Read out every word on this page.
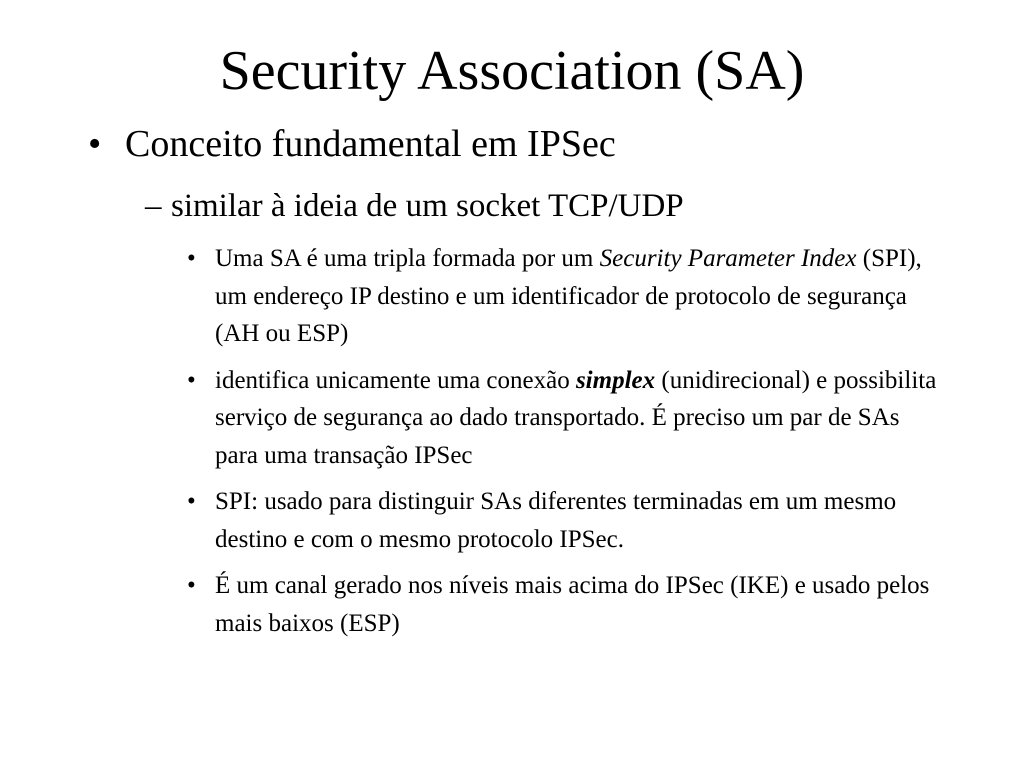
Security Association (SA)
• Conceito fundamental em IPSec
– similar à ideia de um socket TCP/UDP
• Uma SA é uma tripla formada por um Security Parameter Index (SPI), um endereço IP destino e um identificador de protocolo de segurança (AH ou ESP)
• identifica unicamente uma conexão simplex (unidirecional) e possibilita serviço de segurança ao dado transportado. É preciso um par de SAs para uma transação IPSec
• SPI: usado para distinguir SAs diferentes terminadas em um mesmo destino e com o mesmo protocolo IPSec.
• É um canal gerado nos níveis mais acima do IPSec (IKE) e usado pelos mais baixos (ESP)
